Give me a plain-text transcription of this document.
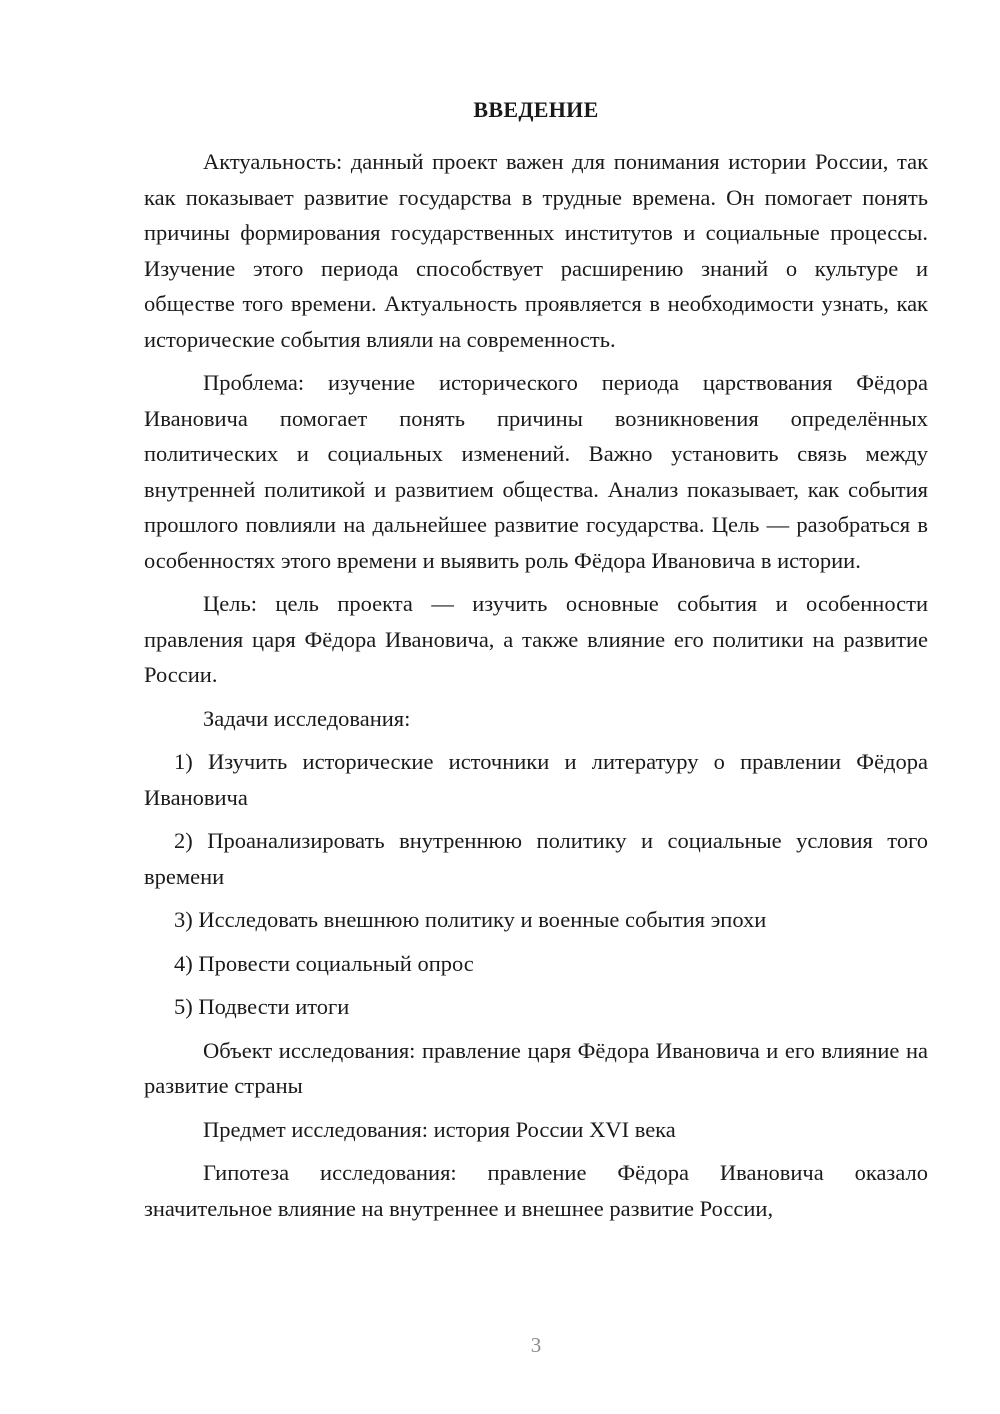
ВВЕДЕНИЕ

Актуальность: данный проект важен для понимания истории России, так как показывает развитие государства в трудные времена. Он помогает понять причины формирования государственных институтов и социальные процессы. Изучение этого периода способствует расширению знаний о культуре и обществе того времени. Актуальность проявляется в необходимости узнать, как исторические события влияли на современность.

Проблема: изучение исторического периода царствования Фёдора Ивановича помогает понять причины возникновения определённых политических и социальных изменений. Важно установить связь между внутренней политикой и развитием общества. Анализ показывает, как события прошлого повлияли на дальнейшее развитие государства. Цель — разобраться в особенностях этого времени и выявить роль Фёдора Ивановича в истории.

Цель: цель проекта — изучить основные события и особенности правления царя Фёдора Ивановича, а также влияние его политики на развитие России.

Задачи исследования:

1) Изучить исторические источники и литературу о правлении Фёдора Ивановича

2) Проанализировать внутреннюю политику и социальные условия того времени

3) Исследовать внешнюю политику и военные события эпохи

4) Провести социальный опрос

5) Подвести итоги

Объект исследования: правление царя Фёдора Ивановича и его влияние на развитие страны

Предмет исследования: история России XVI века

Гипотеза исследования: правление Фёдора Ивановича оказало значительное влияние на внутреннее и внешнее развитие России,

3
